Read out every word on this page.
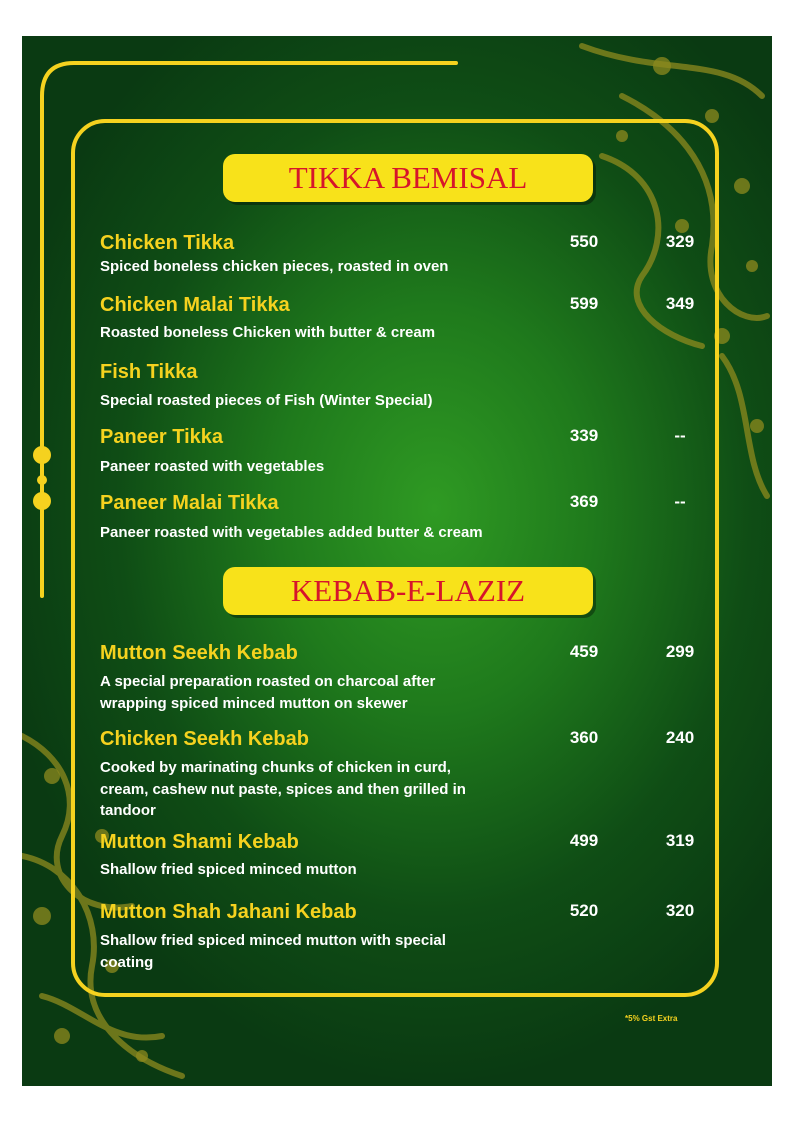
TIKKA BEMISAL
Chicken Tikka	550	329
Spiced boneless chicken pieces, roasted in oven
Chicken Malai Tikka	599	349
Roasted boneless Chicken with butter & cream
Fish Tikka
Special roasted pieces of Fish (Winter Special)
Paneer Tikka	339	--
Paneer roasted with vegetables
Paneer Malai Tikka	369	--
Paneer roasted with vegetables added butter & cream
KEBAB-E-LAZIZ
Mutton Seekh Kebab	459	299
A special preparation roasted on charcoal after wrapping spiced minced mutton on skewer
Chicken Seekh Kebab	360	240
Cooked by marinating chunks of chicken in curd, cream, cashew nut paste, spices and then grilled in tandoor
Mutton Shami Kebab	499	319
Shallow fried spiced minced mutton
Mutton Shah Jahani Kebab	520	320
Shallow fried spiced minced mutton with special coating
*5% Gst Extra
